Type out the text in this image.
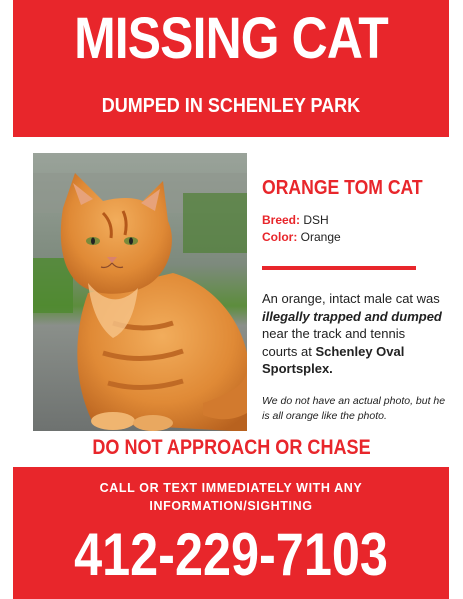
MISSING CAT
DUMPED IN SCHENLEY PARK
ORANGE TOM CAT
Breed: DSH
Color: Orange
An orange, intact male cat was illegally trapped and dumped near the track and tennis courts at Schenley Oval Sportsplex.
We do not have an actual photo, but he is all orange like the photo.
DO NOT APPROACH OR CHASE
CALL OR TEXT IMMEDIATELY WITH ANY
INFORMATION/SIGHTING
412-229-7103
